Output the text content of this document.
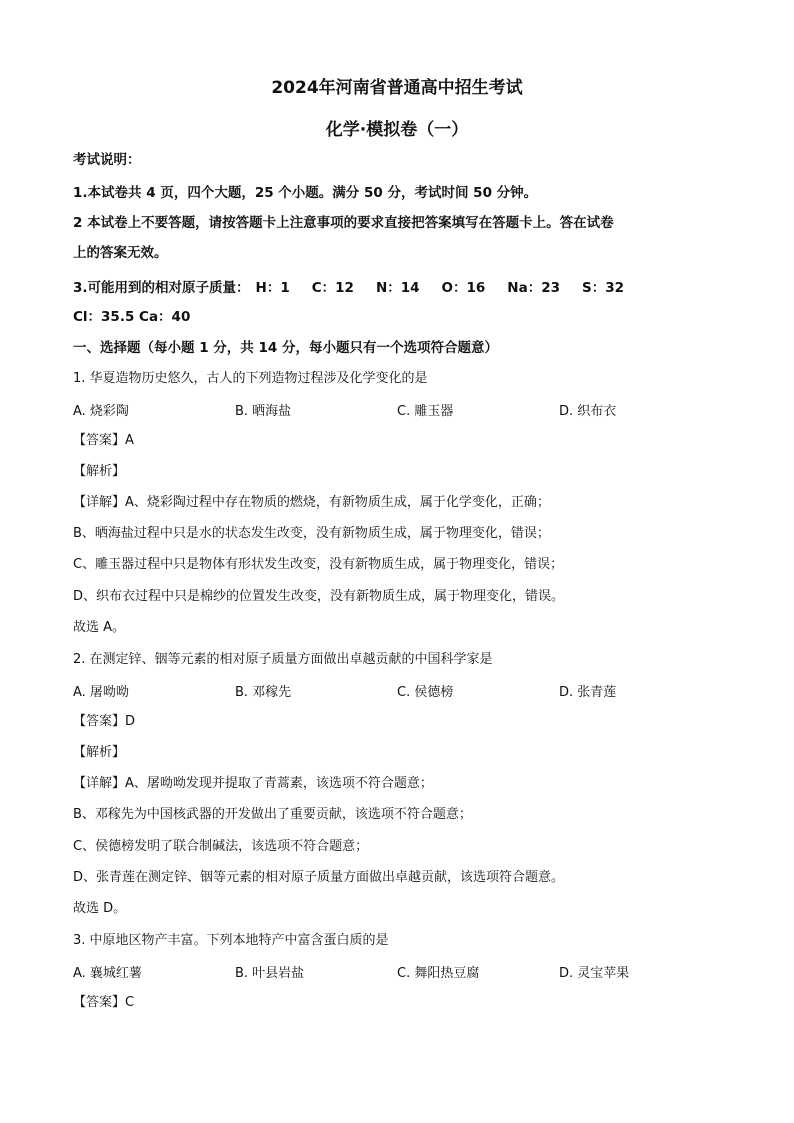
2024年河南省普通高中招生考试
化学·模拟卷（一）
考试说明：
1.本试卷共 4 页，四个大题，25 个小题。满分 50 分，考试时间 50 分钟。
2 本试卷上不要答题，请按答题卡上注意事项的要求直接把答案填写在答题卡上。答在试卷
上的答案无效。
3.可能用到的相对原子质量： H：1 C：12 N：14 O：16 Na：23 S：32
Cl：35.5 Ca：40
一、选择题（每小题 1 分，共 14 分，每小题只有一个选项符合题意）
1. 华夏造物历史悠久，古人的下列造物过程涉及化学变化的是
A. 烧彩陶	B. 晒海盐	C. 雕玉器	D. 织布衣
【答案】A
【解析】
【详解】A、烧彩陶过程中存在物质的燃烧，有新物质生成，属于化学变化，正确；
B、晒海盐过程中只是水的状态发生改变，没有新物质生成，属于物理变化，错误；
C、雕玉器过程中只是物体有形状发生改变，没有新物质生成，属于物理变化，错误；
D、织布衣过程中只是棉纱的位置发生改变，没有新物质生成，属于物理变化，错误。
故选 A。
2. 在测定锌、铟等元素的相对原子质量方面做出卓越贡献的中国科学家是
A. 屠呦呦	B. 邓稼先	C. 侯德榜	D. 张青莲
【答案】D
【解析】
【详解】A、屠呦呦发现并提取了青蒿素，该选项不符合题意；
B、邓稼先为中国核武器的开发做出了重要贡献，该选项不符合题意；
C、侯德榜发明了联合制碱法，该选项不符合题意；
D、张青莲在测定锌、铟等元素的相对原子质量方面做出卓越贡献，该选项符合题意。
故选 D。
3. 中原地区物产丰富。下列本地特产中富含蛋白质的是
A. 襄城红薯	B. 叶县岩盐	C. 舞阳热豆腐	D. 灵宝苹果
【答案】C
